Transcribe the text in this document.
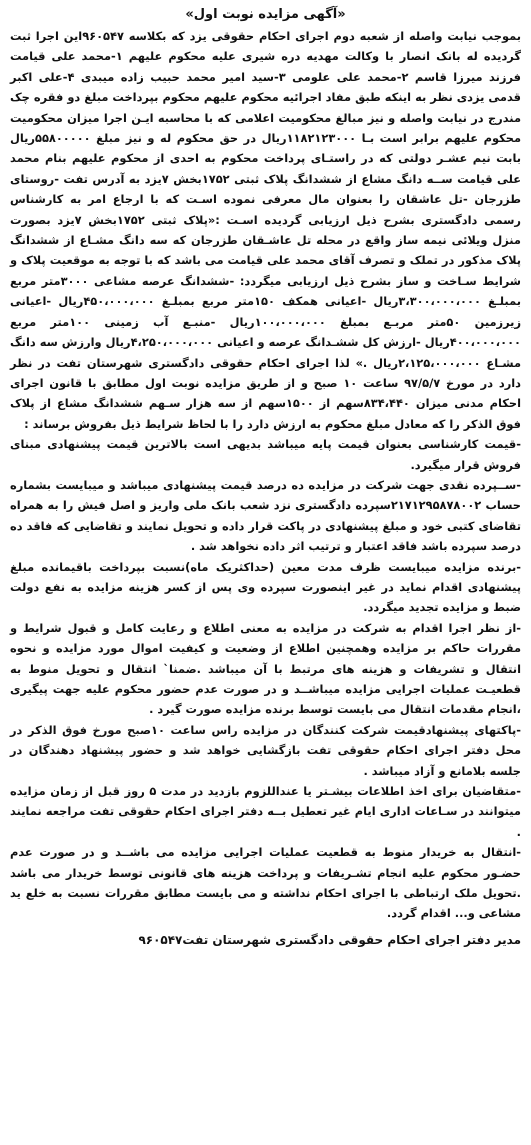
«آگهی مزایده نوبت اول»
بموجب نیابت واصله از شعبه دوم اجرای احکام حقوقی یزد که بکلاسه ۹۶۰۵۴۷این اجرا ثبت گردیده له بانک انصار با وکالت مهدیه دره شیری علیه محکوم علیهم ۱-محمد علی قیامت فرزند میرزا قاسم ۲-محمد علی علومی ۳-سید امیر محمد حبیب زاده میبدی ۴-علی اکبر قدمی یزدی نظر به اینکه طبق مفاد اجرائیه محکوم علیهم محکوم بپرداخت مبلغ دو فقره چک مندرج در نیابت واصله و نیز مبالغ محکومیت اعلامی که با محاسبه ایـن اجرا میزان محکومیت محکوم علیهم برابر است بـا ۱۱۸۲۱۲۳۰۰۰ریال در حق محکوم له و نیز مبلغ ۵۵۸۰۰۰۰۰ریال بابت نیم عشـر دولتی که در راستـای پرداخت محکوم به احدی از محکوم علیهم بنام محمد علی قیامت ســه دانگ مشاع از ششدانگ پلاک ثبتی ۱۷۵۲بخش ۷یزد به آدرس تفت -روستای طزرجان -تل عاشقان را بعنوان مال معرفی نموده اسـت که با ارجاع امر به کارشناس رسمی دادگستری بشرح ذیل ارزیابی گردیده اسـت :«پلاک ثبتی ۱۷۵۲بخش ۷یزد بصورت منزل ویلائی نیمه ساز واقع در محله تل عاشـقان طزرجان که سه دانگ مشـاع از ششدانگ پلاک مذکور در تملک و تصرف آقای محمد علی قیامت می باشد که با توجه به موقعیت پلاک و شرایط سـاخت و ساز بشرح ذیل ارزیابی میگردد: -ششدانگ عرصه مشاعی ۳۰۰۰متر مربع بمبلـغ ۳،۳۰۰،۰۰۰،۰۰۰ریال -اعیانی همکف ۱۵۰متر مربع بمبلـغ ۴۵۰،۰۰۰،۰۰۰ریال -اعیانی زیرزمین ۵۰متر مربـع بمبلغ ۱۰۰،۰۰۰،۰۰۰ریال -منبـع آب زمینی ۱۰۰متر مربع ۴۰۰،۰۰۰،۰۰۰ریال -ارزش کل ششـدانگ عرصه و اعیانی ۴،۲۵۰،۰۰۰،۰۰۰ریال وارزش سه دانگ مشـاع ۲،۱۲۵،۰۰۰،۰۰۰ریال .» لذا اجرای احکام حقوقی دادگستری شهرستان تفت در نظر دارد در مورخ ۹۷/۵/۷ ساعت ۱۰ صبح و از طریق مزایده نوبت اول مطابق با قانون اجرای احکام مدنی میزان ۸۳۴،۴۴۰سهم از ۱۵۰۰سهم از سه هزار سـهم ششدانگ مشاع از پلاک فوق الذکر را که معادل مبلغ محکوم به ارزش دارد را با لحاظ شرایط ذیل بفروش برساند :
-قیمت کارشناسی بعنوان قیمت پایه میباشد بدیهی است بالاترین قیمت پیشنهادی مبنای فروش قرار میگیرد.
-ســپرده نقدی جهت شرکت در مزایده ده درصد قیمت پیشنهادی میباشد و میبایست بشماره حساب ۲۱۷۱۲۹۵۸۷۸۰۰۲سپرده دادگستری نزد شعب بانک ملی واریز و اصل فیش را به همراه تقاضای کتبی خود و مبلغ پیشنهادی در پاکت قرار داده و تحویل نمایند و تقاضایی که فاقد ده درصد سپرده باشد فاقد اعتبار و ترتیب اثر داده نخواهد شد .
-برنده مزایده میبایست ظرف مدت معین (حداکثریک ماه)نسبت بپرداخت باقیمانده مبلغ پیشنهادی اقدام نماید در غیر اینصورت سپرده وی پس از کسر هزینه مزایده به نفع دولت ضبط و مزایده تجدید میگردد.
-از نظر اجرا اقدام به شرکت در مزایده به معنی اطلاع و رعایت کامل و قبول شرایط و مقررات حاکم بر مزایده وهمچنین اطلاع از وضعیت و کیفیت اموال مورد مزایده و نحوه انتقال و تشریفات و هزینه های مرتبط با آن میباشد .ضمنا` انتقال و تحویل منوط به قطعیـت عملیات اجرایی مزایده میباشــد و در صورت عدم حضور محکوم علیه جهت پیگیری ،انجام مقدمات انتقال می بایست توسط برنده مزایده صورت گیرد .
-پاکتهای پیشنهادقیمت شرکت کنندگان در مزایده راس ساعت ۱۰صبح مورخ فوق الذکر در محل دفتر اجرای احکام حقوقی تفت بازگشایی خواهد شد و حضور پیشنهاد دهندگان در جلسه بلامانع و آزاد میباشد .
-متقاضیان برای اخذ اطلاعات بیشـتر یا عنداللزوم بازدید در مدت ۵ روز قبل از زمان مزایده میتوانند در سـاعات اداری ایام غیر تعطیل بــه دفتر اجرای احکام حقوقی تفت مراجعه نمایند .
-انتقال به خریدار منوط به قطعیت عملیات اجرایی مزایده می باشــد و در صورت عدم حضـور محکوم علیه انجام تشـریفات و پرداخت هزینه های قانونی توسط خریدار می باشد .تحویل ملک ارتباطی با اجرای احکام نداشته و می بایست مطابق مقررات نسبت به خلع ید مشاعی و... اقدام گردد.
مدیر دفتر اجرای احکام حقوقی دادگستری شهرستان تفت۹۶۰۵۴۷
